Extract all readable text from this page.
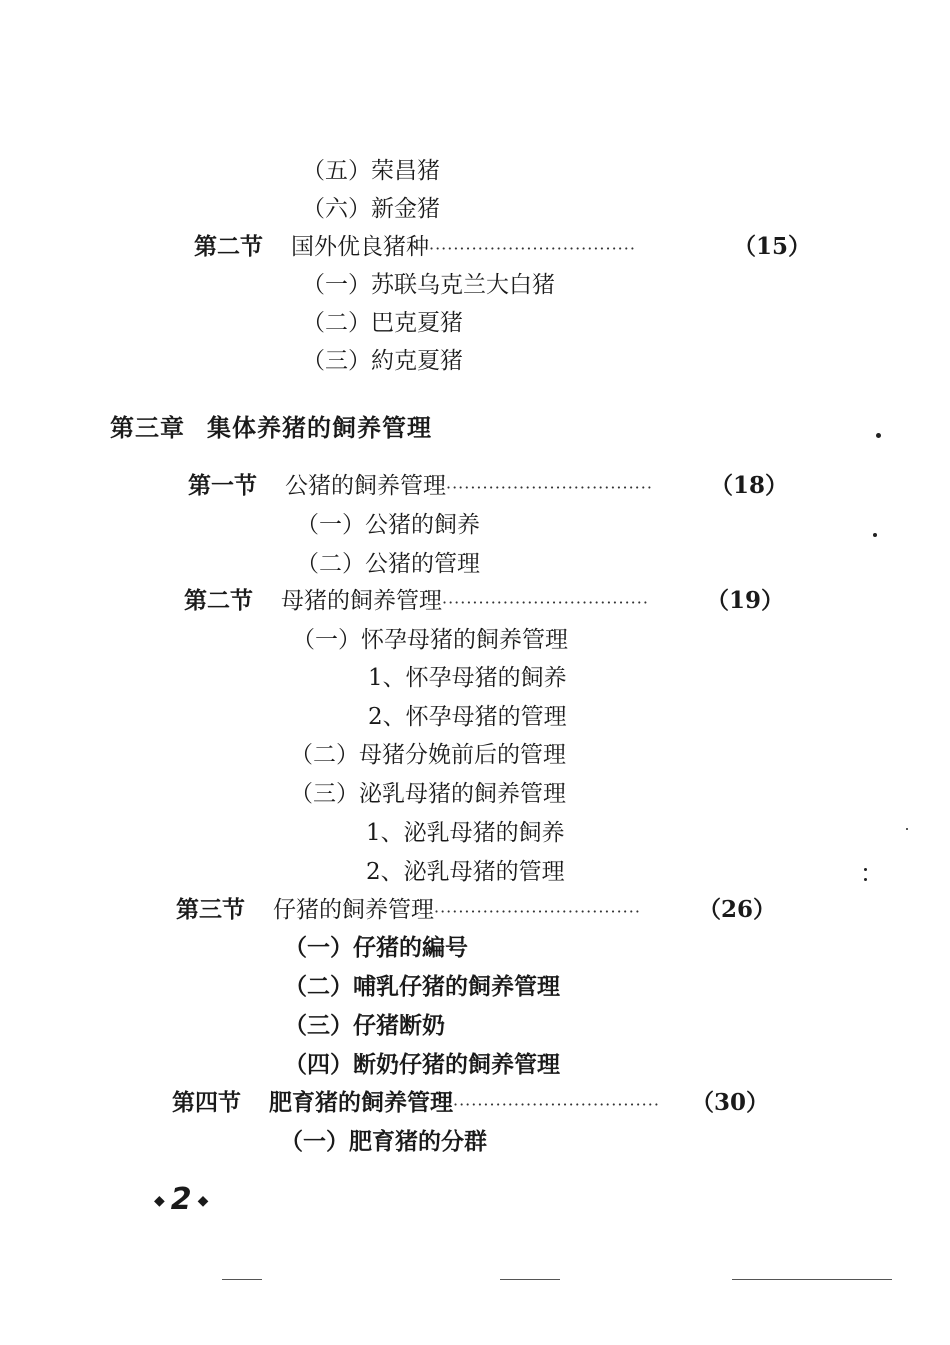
（五）荣昌猪
（六）新金猪
第二节 国外优良猪种 ··································	（15）
（一）苏联乌克兰大白猪
（二）巴克夏猪
（三）約克夏猪
第三章 集体养猪的飼养管理
第一节 公猪的飼养管理 ··································	（18）
（一）公猪的飼养
（二）公猪的管理
第二节 母猪的飼养管理 ··································	（19）
（一）怀孕母猪的飼养管理
1、怀孕母猪的飼养
2、怀孕母猪的管理
（二）母猪分娩前后的管理
（三）泌乳母猪的飼养管理
1、泌乳母猪的飼养
2、泌乳母猪的管理
第三节 仔猪的飼养管理 ··································	（26）
（一）仔猪的編号
（二）哺乳仔猪的飼养管理
（三）仔猪断奶
（四）断奶仔猪的飼养管理
第四节 肥育猪的飼养管理 ··································	（30）
（一）肥育猪的分群
◆ 2 ◆
